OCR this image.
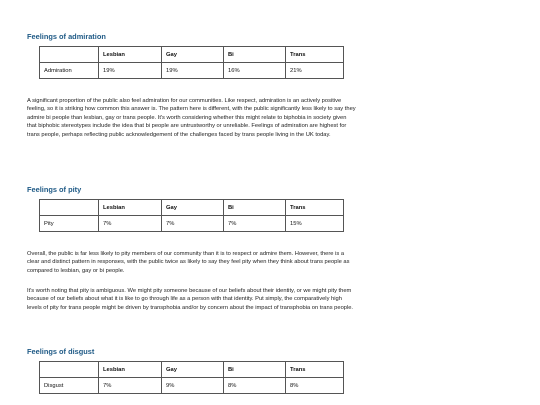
Feelings of admiration
	Lesbian	Gay	Bi	Trans
Admiration	19%	19%	16%	21%

A significant proportion of the public also feel admiration for our communities. Like respect, admiration is an actively positive feeling, so it is striking how common this answer is. The pattern here is different, with the public significantly less likely to say they admire bi people than lesbian, gay or trans people. It's worth considering whether this might relate to biphobia in society given that biphobic stereotypes include the idea that bi people are untrustworthy or unreliable. Feelings of admiration are highest for trans people, perhaps reflecting public acknowledgement of the challenges faced by trans people living in the UK today.

Feelings of pity
	Lesbian	Gay	Bi	Trans
Pity	7%	7%	7%	15%

Overall, the public is far less likely to pity members of our community than it is to respect or admire them. However, there is a clear and distinct pattern in responses, with the public twice as likely to say they feel pity when they think about trans people as compared to lesbian, gay or bi people.

It's worth noting that pity is ambiguous. We might pity someone because of our beliefs about their identity, or we might pity them because of our beliefs about what it is like to go through life as a person with that identity. Put simply, the comparatively high levels of pity for trans people might be driven by transphobia and/or by concern about the impact of transphobia on trans people.

Feelings of disgust
	Lesbian	Gay	Bi	Trans
Disgust	7%	9%	8%	8%
